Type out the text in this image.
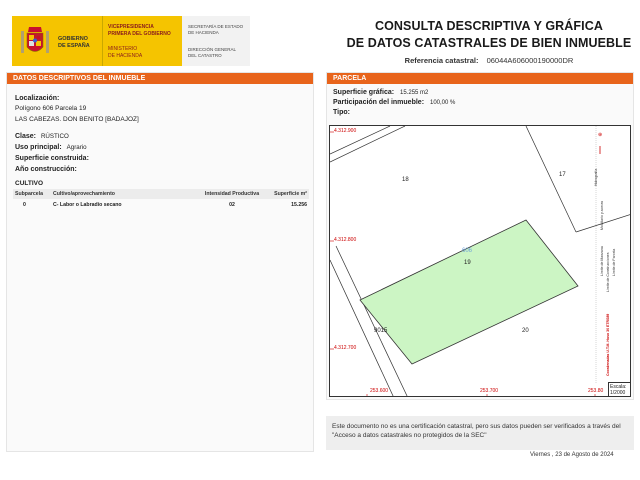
GOBIERNO
DE ESPAÑA
VICEPRESIDENCIA
PRIMERA DEL GOBIERNO
MINISTERIO
DE HACIENDA
SECRETARÍA DE ESTADO
DE HACIENDA
DIRECCIÓN GENERAL
DEL CATASTRO
CONSULTA DESCRIPTIVA Y GRÁFICA
DE DATOS CATASTRALES DE BIEN INMUEBLE
Referencia catastral: 06044A606000190000DR
DATOS DESCRIPTIVOS DEL INMUEBLE
Localización:
Polígono 606 Parcela 19
LAS CABEZAS. DON BENITO [BADAJOZ]
Clase: RÚSTICO
Uso principal: Agrario
Superficie construida:
Año construcción:
CULTIVO
Subparcela	Cultivo/aprovechamiento	Intensidad Productiva	Superficie m²
0	C- Labor o Labradío secano	02	15.256
PARCELA
Superficie gráfica: 15.255 m2
Participación del inmueble: 100,00 %
Tipo:
⊕
4.312.900
4.312.800
4.312.700
253.600	253.700	253.80
18
17
606
19
20
9015
Hidrografía
Mobiliario y aceras
Límite de Construcciones Límite de Parcela
Límite de Manzana
Coordenadas U.T.M. Huso 30 ETRS89
Escala:
1/2000
Este documento no es una certificación catastral, pero sus datos pueden ser verificados a través del "Acceso a datos catastrales no protegidos de la SEC"
Viernes , 23 de Agosto de 2024
